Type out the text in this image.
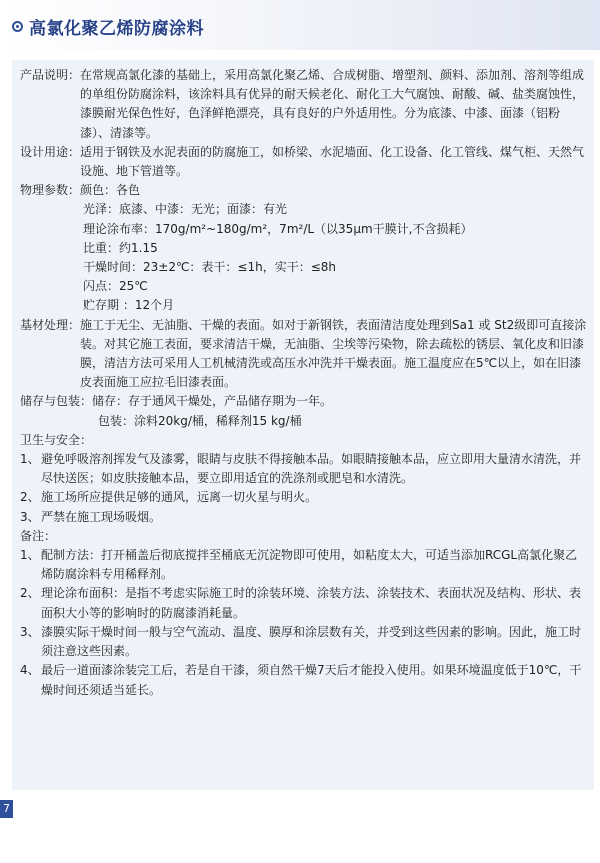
高氯化聚乙烯防腐涂料
产品说明： 在常规高氯化漆的基础上，采用高氯化聚乙烯、合成树脂、增塑剂、颜料、添加剂、溶剂等组成的单组份防腐涂料，该涂料具有优异的耐天候老化、耐化工大气腐蚀、耐酸、碱、盐类腐蚀性，漆膜耐光保色性好，色泽鲜艳漂亮，具有良好的户外适用性。分为底漆、中漆、面漆（铝粉漆）、清漆等。
设计用途： 适用于钢铁及水泥表面的防腐施工，如桥梁、水泥墙面、化工设备、化工管线、煤气柜、天然气设施、地下管道等。
物理参数： 颜色：各色
光泽：底漆、中漆：无光；面漆：有光
理论涂布率：170g/m²~180g/m²，7m²/L（以35μm干膜计,不含损耗）
比重：约1.15
干燥时间：23±2℃：表干：≤1h，实干：≤8h
闪点：25℃
贮存期 ：12个月
基材处理： 施工于无尘、无油脂、干燥的表面。如对于新钢铁，表面清洁度处理到Sa1 或 St2级即可直接涂装。对其它施工表面，要求清洁干燥，无油脂、尘埃等污染物，除去疏松的锈层、氧化皮和旧漆膜，清洁方法可采用人工机械清洗或高压水冲洗并干燥表面。施工温度应在5℃以上，如在旧漆皮表面施工应拉毛旧漆表面。
储存与包装： 储存：存于通风干燥处，产品储存期为一年。
包装：涂料20kg/桶，稀释剂15 kg/桶
卫生与安全：
1、 避免呼吸溶剂挥发气及漆雾，眼睛与皮肤不得接触本品。如眼睛接触本品，应立即用大量清水清洗，并尽快送医；如皮肤接触本品，要立即用适宜的洗涤剂或肥皂和水清洗。
2、 施工场所应提供足够的通风，远离一切火星与明火。
3、 严禁在施工现场吸烟。
备注：
1、 配制方法：打开桶盖后彻底搅拌至桶底无沉淀物即可使用，如粘度太大，可适当添加RCGL高氯化聚乙烯防腐涂料专用稀释剂。
2、 理论涂布面积：是指不考虑实际施工时的涂装环境、涂装方法、涂装技术、表面状况及结构、形状、表面积大小等的影响时的防腐漆消耗量。
3、 漆膜实际干燥时间一般与空气流动、温度、膜厚和涂层数有关，并受到这些因素的影响。因此，施工时须注意这些因素。
4、 最后一道面漆涂装完工后，若是自干漆，须自然干燥7天后才能投入使用。如果环境温度低于10℃，干燥时间还须适当延长。
7
